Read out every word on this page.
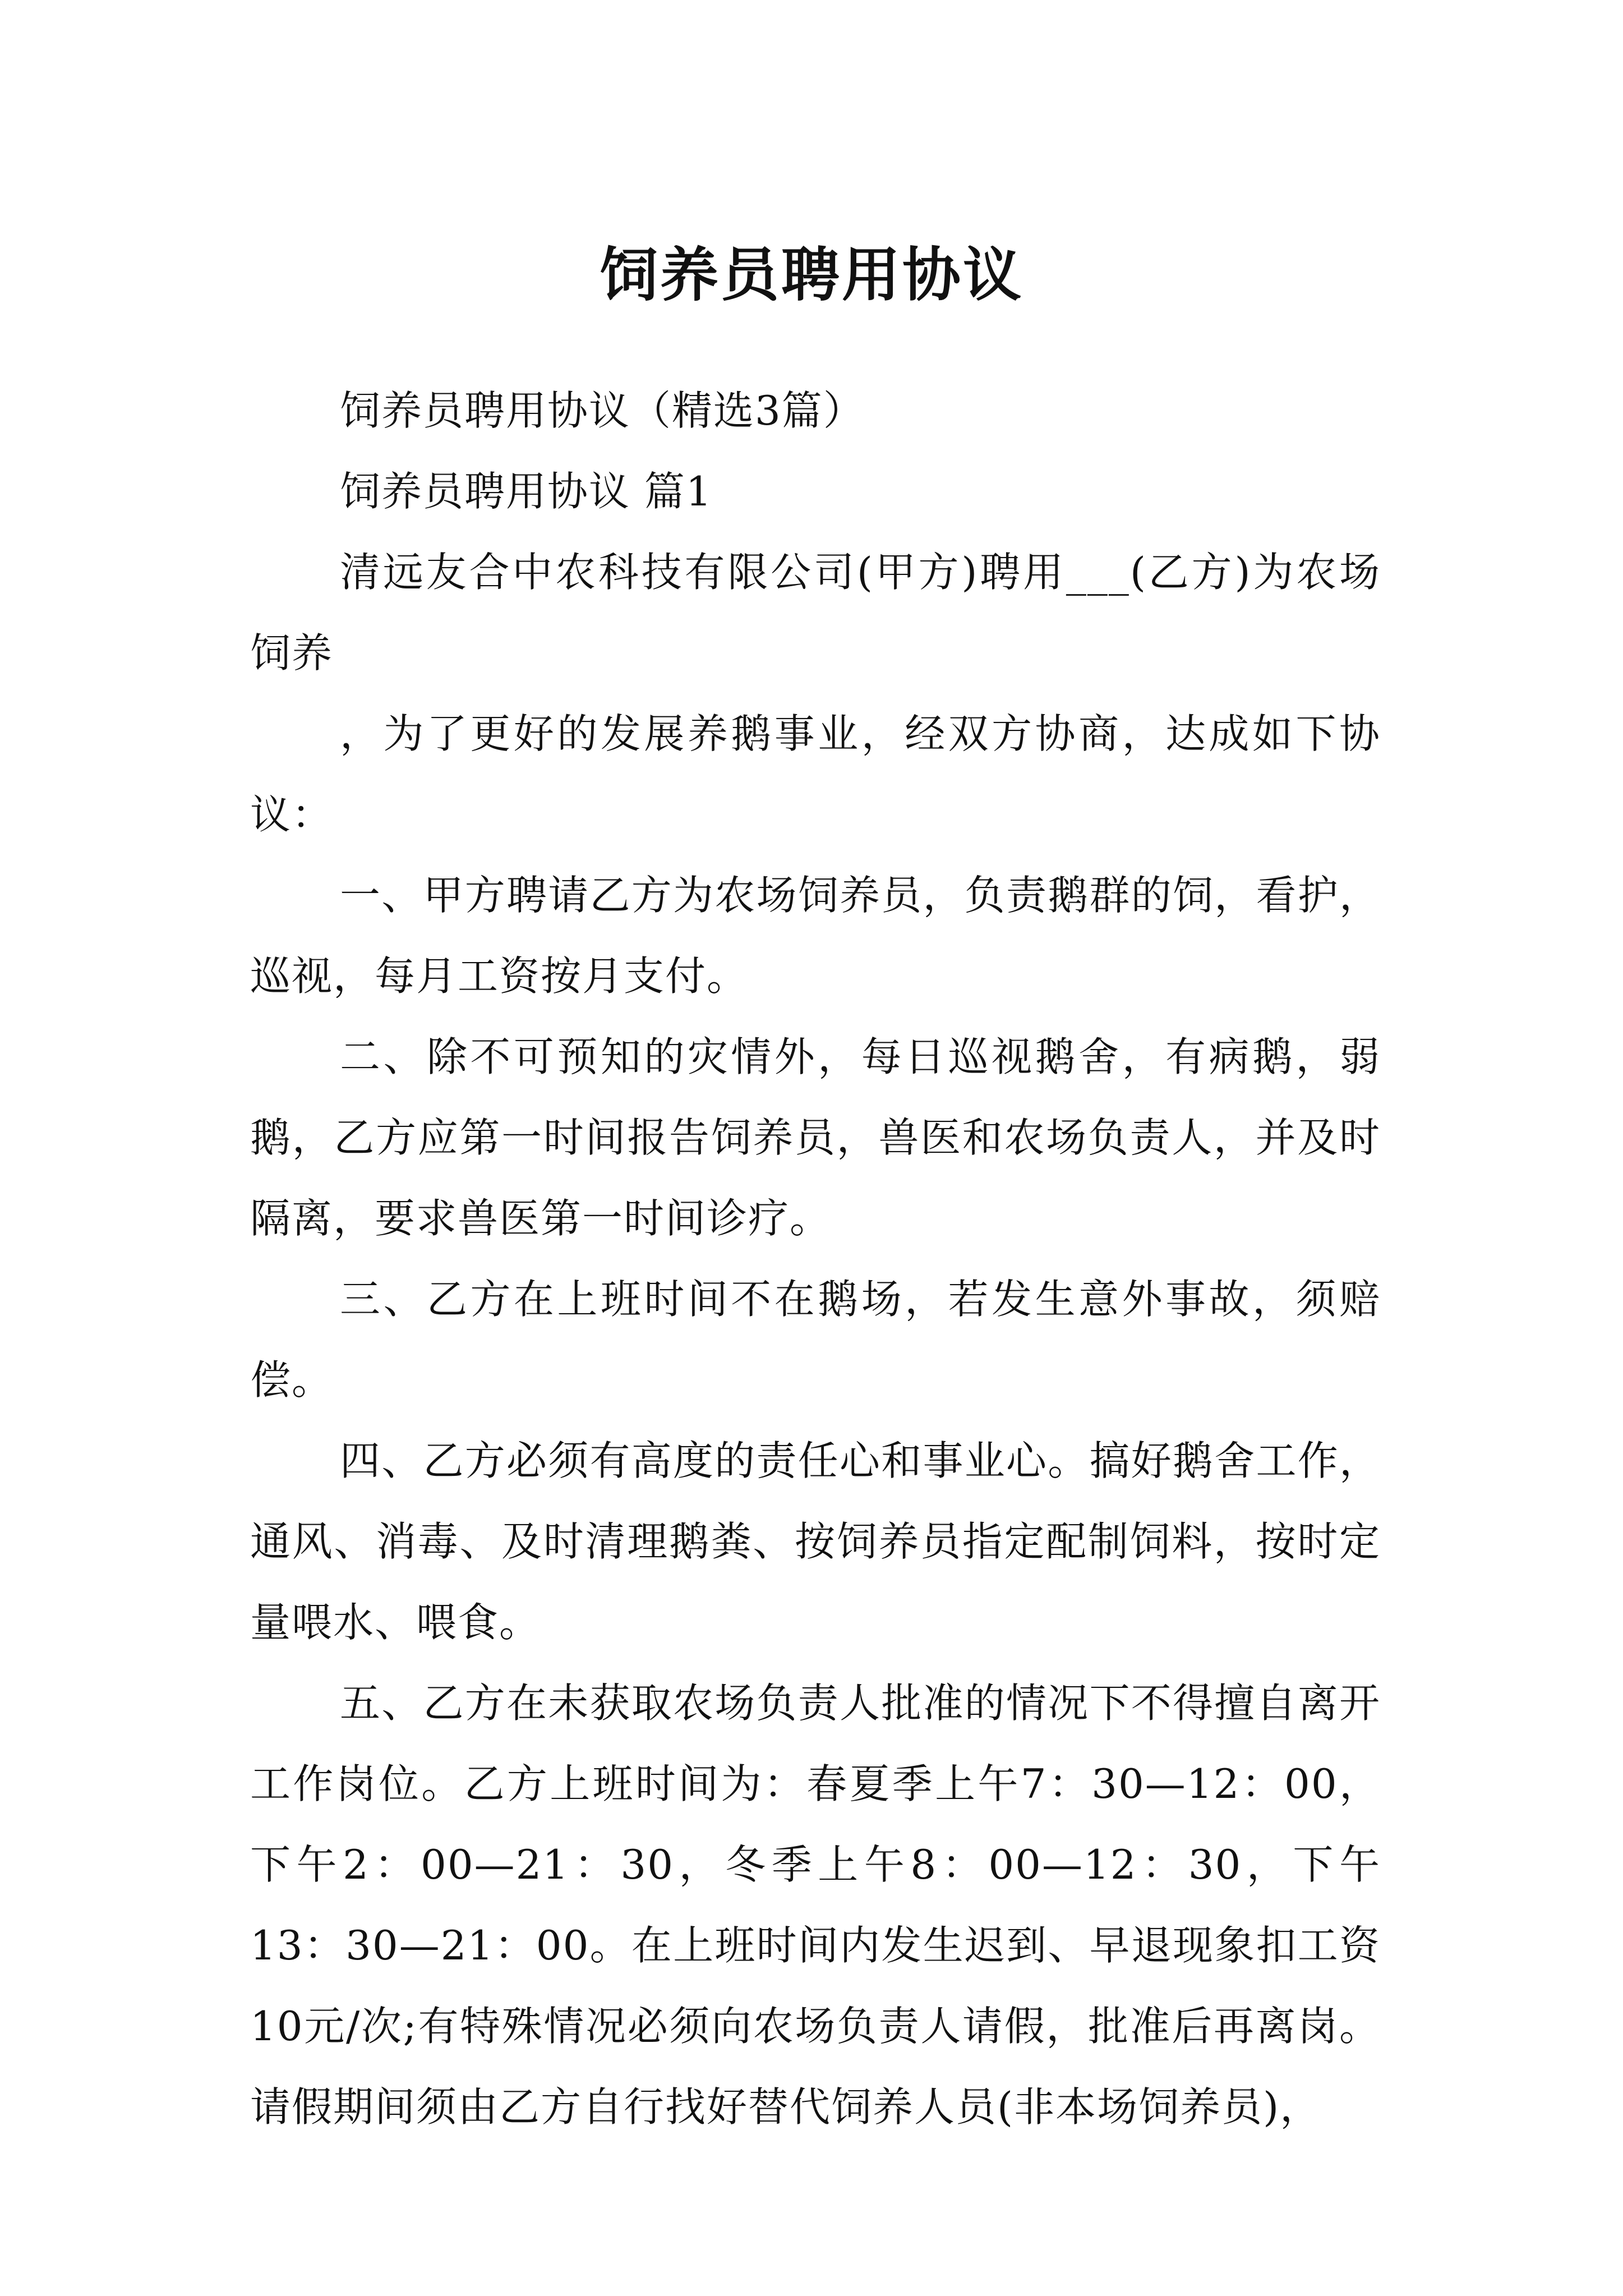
饲养员聘用协议

饲养员聘用协议（精选3篇）

饲养员聘用协议 篇1

清远友合中农科技有限公司(甲方)聘用___(乙方)为农场饲养

，为了更好的发展养鹅事业，经双方协商，达成如下协议：

一、甲方聘请乙方为农场饲养员，负责鹅群的饲，看护，巡视，每月工资按月支付。

二、除不可预知的灾情外，每日巡视鹅舍，有病鹅，弱鹅，乙方应第一时间报告饲养员，兽医和农场负责人，并及时隔离，要求兽医第一时间诊疗。

三、乙方在上班时间不在鹅场，若发生意外事故，须赔偿。

四、乙方必须有高度的责任心和事业心。搞好鹅舍工作，通风、消毒、及时清理鹅粪、按饲养员指定配制饲料，按时定量喂水、喂食。

五、乙方在未获取农场负责人批准的情况下不得擅自离开工作岗位。乙方上班时间为：春夏季上午7：30—12：00，下午2：00—21：30，冬季上午8：00—12：30，下午13：30—21：00。在上班时间内发生迟到、早退现象扣工资10元/次;有特殊情况必须向农场负责人请假，批准后再离岗。请假期间须由乙方自行找好替代饲养人员(非本场饲养员)，
